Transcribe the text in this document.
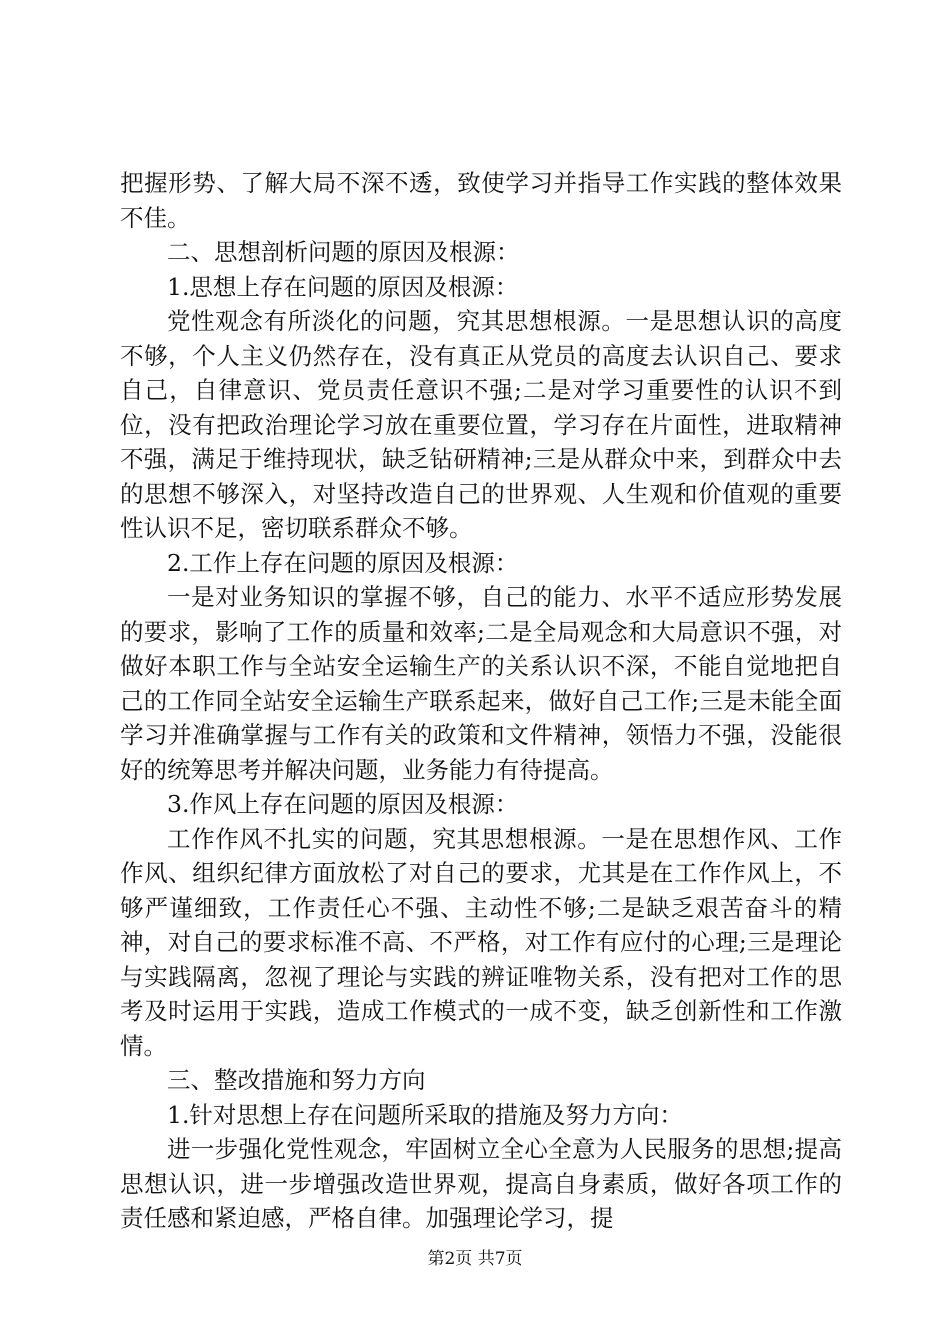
把握形势、了解大局不深不透，致使学习并指导工作实践的整体效果不佳。

二、思想剖析问题的原因及根源：

1.思想上存在问题的原因及根源：

党性观念有所淡化的问题，究其思想根源。一是思想认识的高度不够，个人主义仍然存在，没有真正从党员的高度去认识自己、要求自己，自律意识、党员责任意识不强;二是对学习重要性的认识不到位，没有把政治理论学习放在重要位置，学习存在片面性，进取精神不强，满足于维持现状，缺乏钻研精神;三是从群众中来，到群众中去的思想不够深入，对坚持改造自己的世界观、人生观和价值观的重要性认识不足，密切联系群众不够。

2.工作上存在问题的原因及根源：

一是对业务知识的掌握不够，自己的能力、水平不适应形势发展的要求，影响了工作的质量和效率;二是全局观念和大局意识不强，对做好本职工作与全站安全运输生产的关系认识不深，不能自觉地把自己的工作同全站安全运输生产联系起来，做好自己工作;三是未能全面学习并准确掌握与工作有关的政策和文件精神，领悟力不强，没能很好的统筹思考并解决问题，业务能力有待提高。

3.作风上存在问题的原因及根源：

工作作风不扎实的问题，究其思想根源。一是在思想作风、工作作风、组织纪律方面放松了对自己的要求，尤其是在工作作风上，不够严谨细致，工作责任心不强、主动性不够;二是缺乏艰苦奋斗的精神，对自己的要求标准不高、不严格，对工作有应付的心理;三是理论与实践隔离，忽视了理论与实践的辨证唯物关系，没有把对工作的思考及时运用于实践，造成工作模式的一成不变，缺乏创新性和工作激情。

三、整改措施和努力方向

1.针对思想上存在问题所采取的措施及努力方向：

进一步强化党性观念，牢固树立全心全意为人民服务的思想;提高思想认识，进一步增强改造世界观，提高自身素质，做好各项工作的责任感和紧迫感，严格自律。加强理论学习，提

第2页 共7页
